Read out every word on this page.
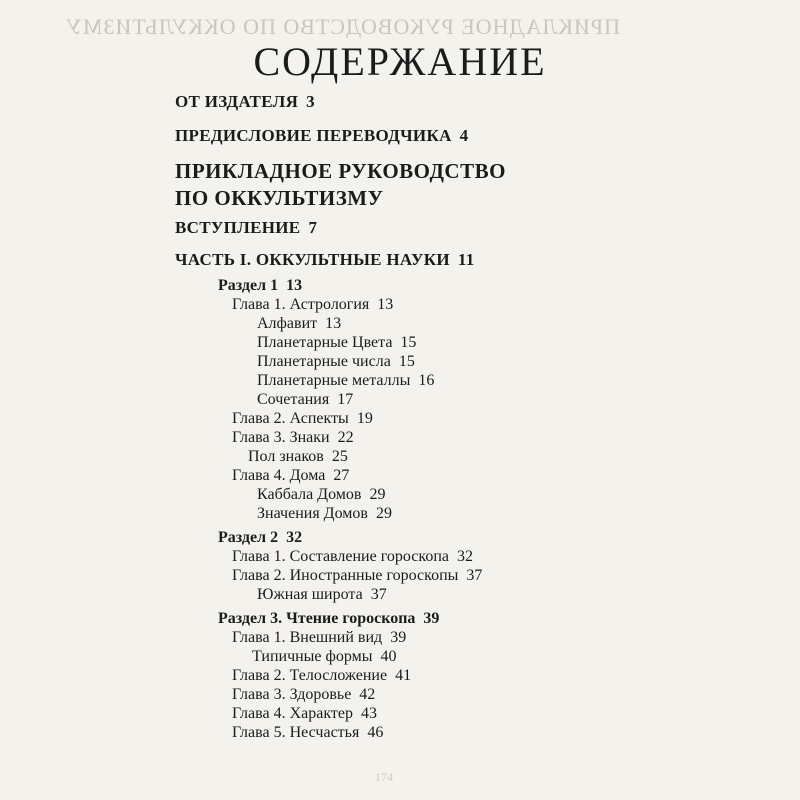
ПРИКЛАДНОЕ РУКОВОДСТВО ПО ОККУЛЬТИЗМУ
СОДЕРЖАНИЕ
ПРИКЛАДНОЕ РУКОВОДСТВО
ПО ОККУЛЬТИЗМУ
ОТ ИЗДАТЕЛЯ 3
ПРЕДИСЛОВИЕ ПЕРЕВОДЧИКА 4
ВСТУПЛЕНИЕ 7
ЧАСТЬ I. ОККУЛЬТНЫЕ НАУКИ 11
Раздел 1 13
Глава 1. Астрология 13
Алфавит 13
Планетарные Цвета 15
Планетарные числа 15
Планетарные металлы 16
Сочетания 17
Глава 2. Аспекты 19
Глава 3. Знаки 22
Пол знаков 25
Глава 4. Дома 27
Каббала Домов 29
Значения Домов 29
Раздел 2 32
Глава 1. Составление гороскопа 32
Глава 2. Иностранные гороскопы 37
Южная широта 37
Раздел 3. Чтение гороскопа 39
Глава 1. Внешний вид 39
Типичные формы 40
Глава 2. Телосложение 41
Глава 3. Здоровье 42
Глава 4. Характер 43
Глава 5. Несчастья 46
174
